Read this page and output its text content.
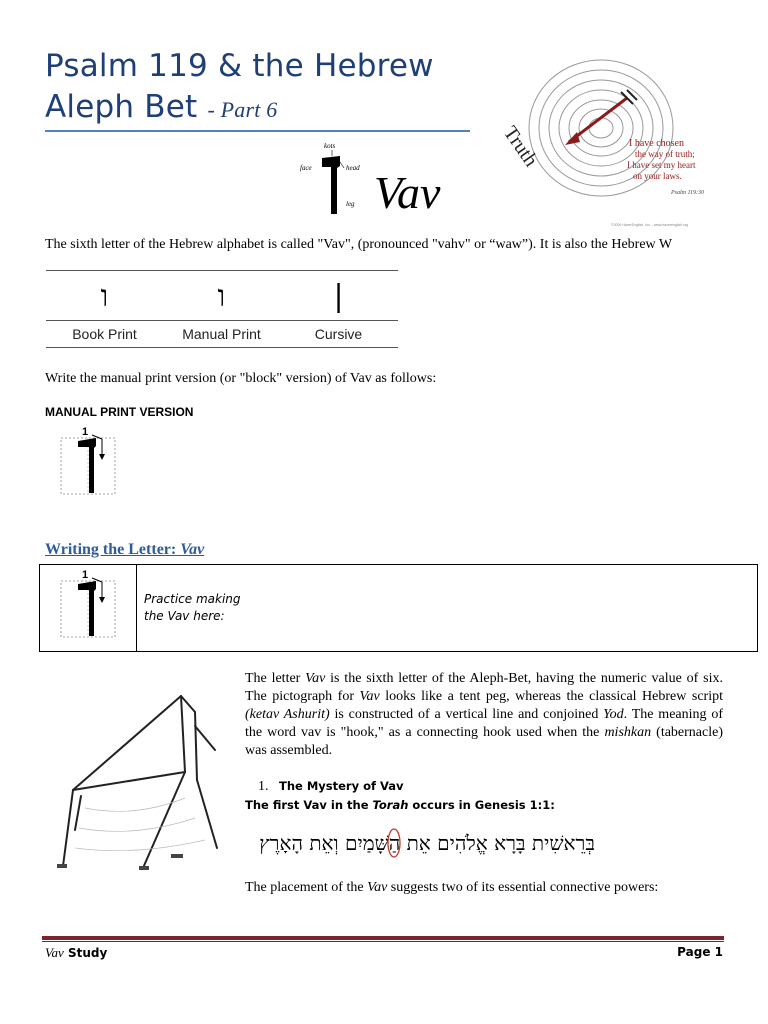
Psalm 119 & the Hebrew
Aleph Bet - Part 6
kots
face	head
leg Vav
Truth	I have chosen
the way of truth;
I have set my heart
on your laws.
Psalm 119:30
©2009 HaverEnglish, Inc. - www.haverenglish.org
The sixth letter of the Hebrew alphabet is called "Vav", (pronounced "vahv" or “waw”). It is also the Hebrew W
ו	ו	|
Book Print	Manual Print	Cursive
Write the manual print version (or "block" version) of Vav as follows:
MANUAL PRINT VERSION
1
Writing the Letter: Vav
1
Practice making
the Vav here:
The letter Vav is the sixth letter of the Aleph-Bet, having the numeric value of six. The pictograph for Vav looks like a tent peg, whereas the classical Hebrew script (ketav Ashurit) is constructed of a vertical line and conjoined Yod. The meaning of the word vav is "hook," as a connecting hook used when the mishkan (tabernacle) was assembled.
1. The Mystery of Vav
The first Vav in the Torah occurs in Genesis 1:1:
בְּרֵאשִׁית בָּרָא אֱלֹהִים אֵת הַשָּׁמַיִם וְאֵת הָאָרֶץ
The placement of the Vav suggests two of its essential connective powers:
Vav Study	Page 1
